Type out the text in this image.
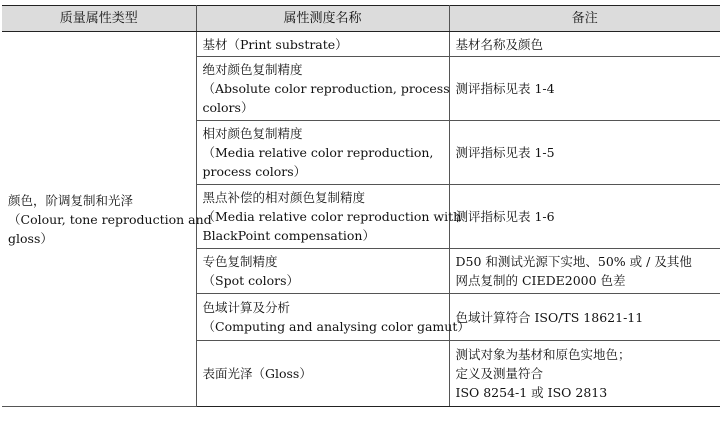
质量属性类型	属性测度名称	备注

颜色，阶调复制和光泽
（Colour, tone reproduction and
gloss）	基材（Print substrate）	基材名称及颜色

	绝对颜色复制精度
（Absolute color reproduction, process
colors）	测评指标见表 1-4

	相对颜色复制精度
（Media relative color reproduction,
process colors）	测评指标见表 1-5

	黑点补偿的相对颜色复制精度
（Media relative color reproduction with
BlackPoint compensation）	测评指标见表 1-6

	专色复制精度
（Spot colors）	D50 和测试光源下实地、50% 或 / 及其他
网点复制的 CIEDE2000 色差

	色域计算及分析
（Computing and analysing color gamut）	色域计算符合 ISO/TS 18621-11

	表面光泽（Gloss）	测试对象为基材和原色实地色；
定义及测量符合
ISO 8254-1 或 ISO 2813
